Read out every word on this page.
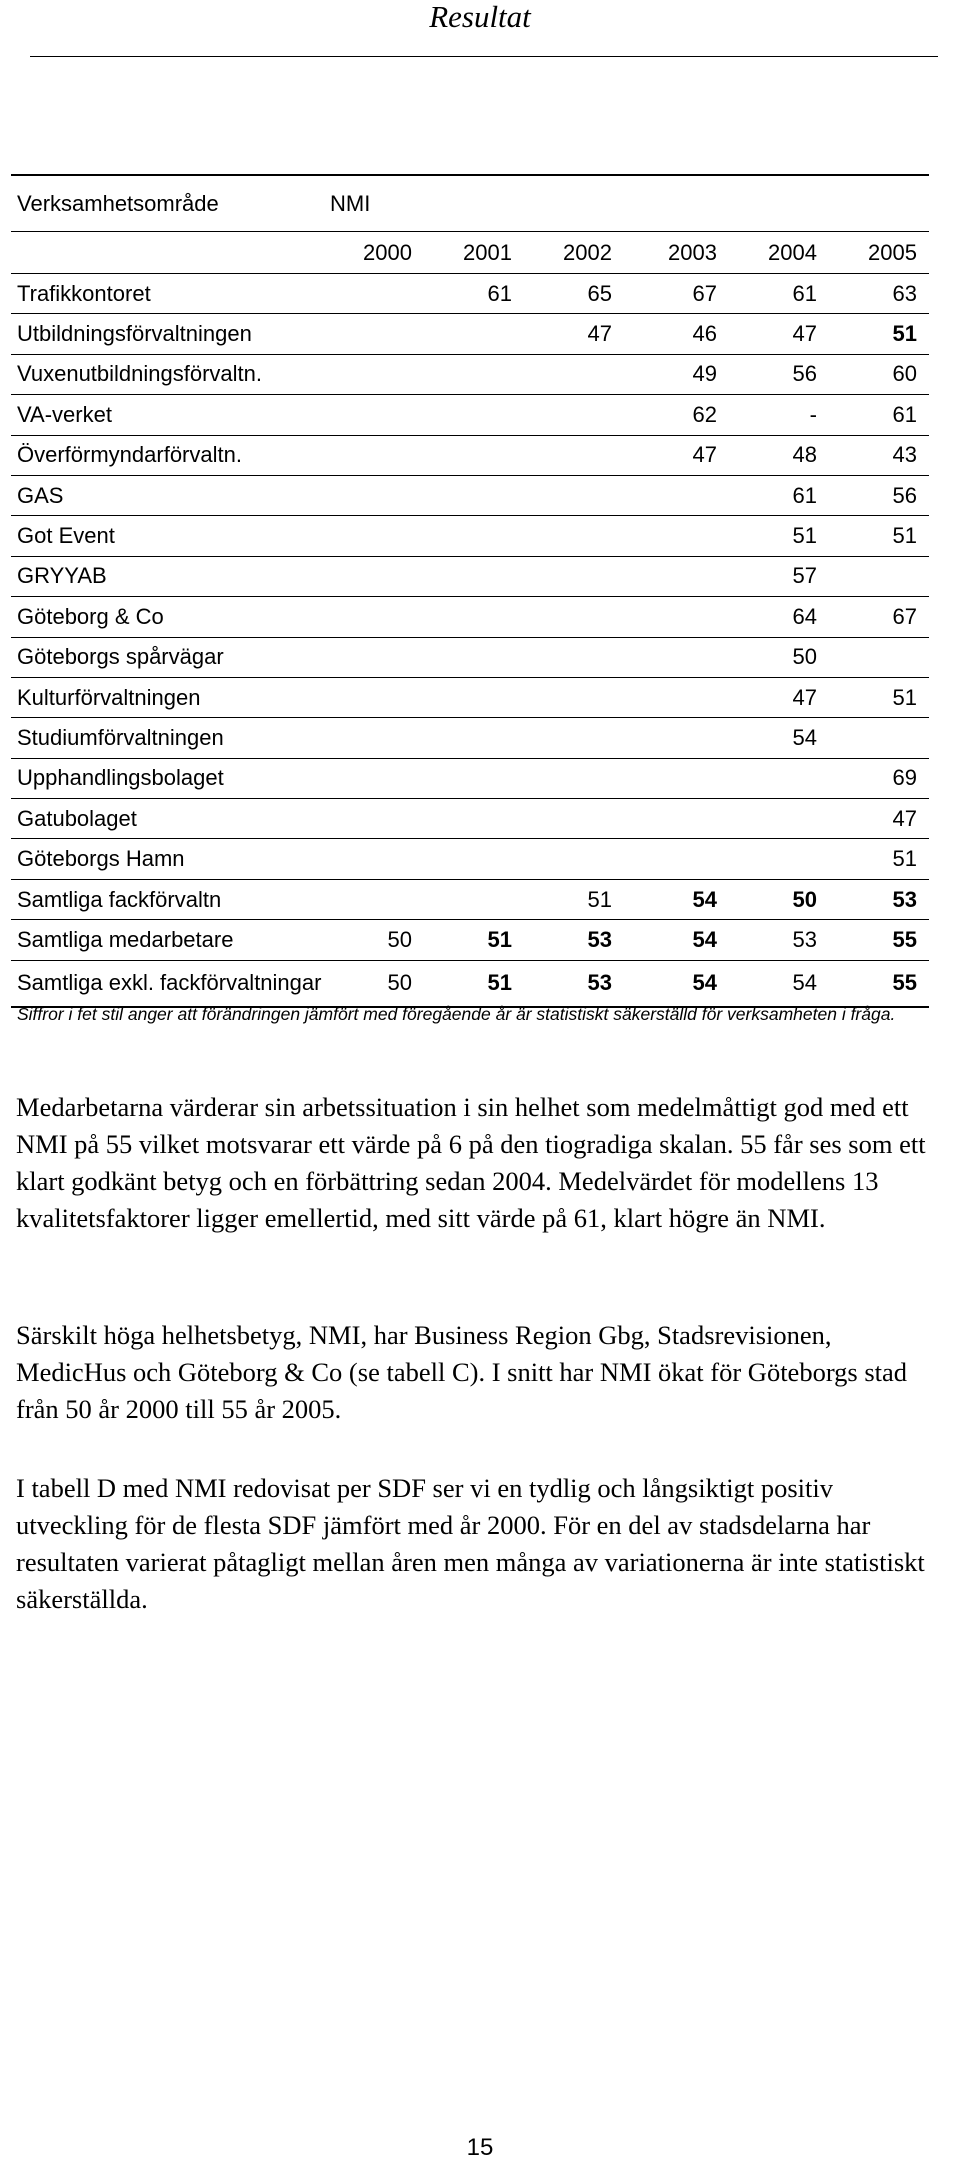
Resultat
Verksamhetsområde	NMI					
	2000	2001	2002	2003	2004	2005
Trafikkontoret		61	65	67	61	63
Utbildningsförvaltningen			47	46	47	51
Vuxenutbildningsförvaltn.				49	56	60
VA-verket				62	-	61
Överförmyndarförvaltn.				47	48	43
GAS					61	56
Got Event					51	51
GRYYAB					57	
Göteborg & Co					64	67
Göteborgs spårvägar					50	
Kulturförvaltningen					47	51
Studiumförvaltningen					54	
Upphandlingsbolaget						69
Gatubolaget						47
Göteborgs Hamn						51
Samtliga fackförvaltn			51	54	50	53
Samtliga medarbetare	50	51	53	54	53	55
Samtliga exkl. fackförvaltningar	50	51	53	54	54	55
Siffror i fet stil anger att förändringen jämfört med föregående år är statistiskt säkerställd för verksamheten i fråga.

Medarbetarna värderar sin arbetssituation i sin helhet som medelmåttigt god med ett NMI på 55 vilket motsvarar ett värde på 6 på den tiogradiga skalan. 55 får ses som ett klart godkänt betyg och en förbättring sedan 2004. Medelvärdet för modellens 13 kvalitetsfaktorer ligger emellertid, med sitt värde på 61, klart högre än NMI.

Särskilt höga helhetsbetyg, NMI, har Business Region Gbg, Stadsrevisionen, MedicHus och Göteborg & Co (se tabell C). I snitt har NMI ökat för Göteborgs stad från 50 år 2000 till 55 år 2005.

I tabell D med NMI redovisat per SDF ser vi en tydlig och långsiktigt positiv utveckling för de flesta SDF jämfört med år 2000. För en del av stadsdelarna har resultaten varierat påtagligt mellan åren men många av variationerna är inte statistiskt säkerställda.

15
